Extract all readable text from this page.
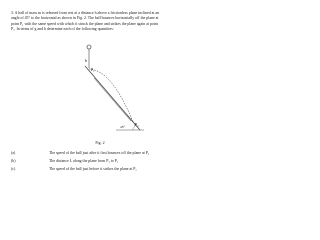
3. A ball of mass m is released from rest at a distance h above a frictionless plane inclined at an
angle of 45° to the horizontal as shown in Fig. 2. The ball bounces horizontally off the plane at
point P₁ with the same speed with which it struck the plane and strikes the plane again at point
P₂. In terms of g and h determine each of the following quantities:
h
45°
P₁
P₂
Fig. 2
(a)	The speed of the ball just after it first bounces off the plane at P₁
(b)	The distance L along the plane from P₁ to P₂
(c)	The speed of the ball just before it strikes the plane at P₂
